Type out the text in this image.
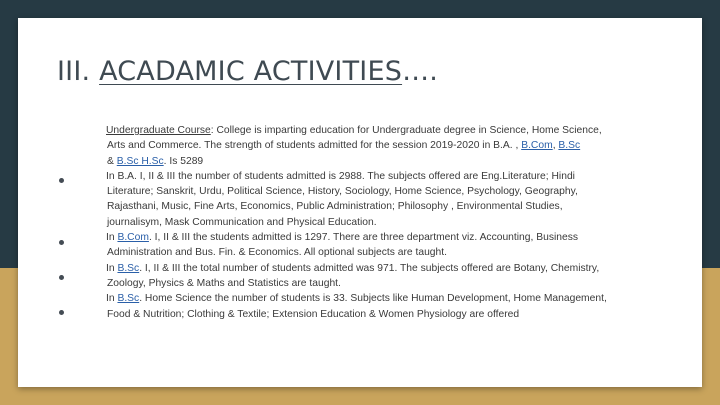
III. ACADAMIC ACTIVITIES….
Undergraduate Course: College is imparting education for Undergraduate degree in Science, Home Science,
Arts and Commerce. The strength of students admitted for the session 2019-2020 in B.A. , B.Com, B.Sc
& B.Sc H.Sc. Is 5289
In B.A. I, II & III the number of students admitted is 2988. The subjects offered are Eng.Literature; Hindi
Literature; Sanskrit, Urdu, Political Science, History, Sociology, Home Science, Psychology, Geography,
Rajasthani, Music, Fine Arts, Economics, Public Administration; Philosophy , Environmental Studies,
journalisym, Mask Communication and Physical Education.
In B.Com. I, II & III the students admitted is 1297. There are three department viz. Accounting, Business
Administration and Bus. Fin. & Economics. All optional subjects are taught.
In B.Sc. I, II & III the total number of students admitted was 971. The subjects offered are Botany, Chemistry,
Zoology, Physics & Maths and Statistics are taught.
In B.Sc. Home Science the number of students is 33. Subjects like Human Development, Home Management,
Food & Nutrition; Clothing & Textile; Extension Education & Women Physiology are offered
